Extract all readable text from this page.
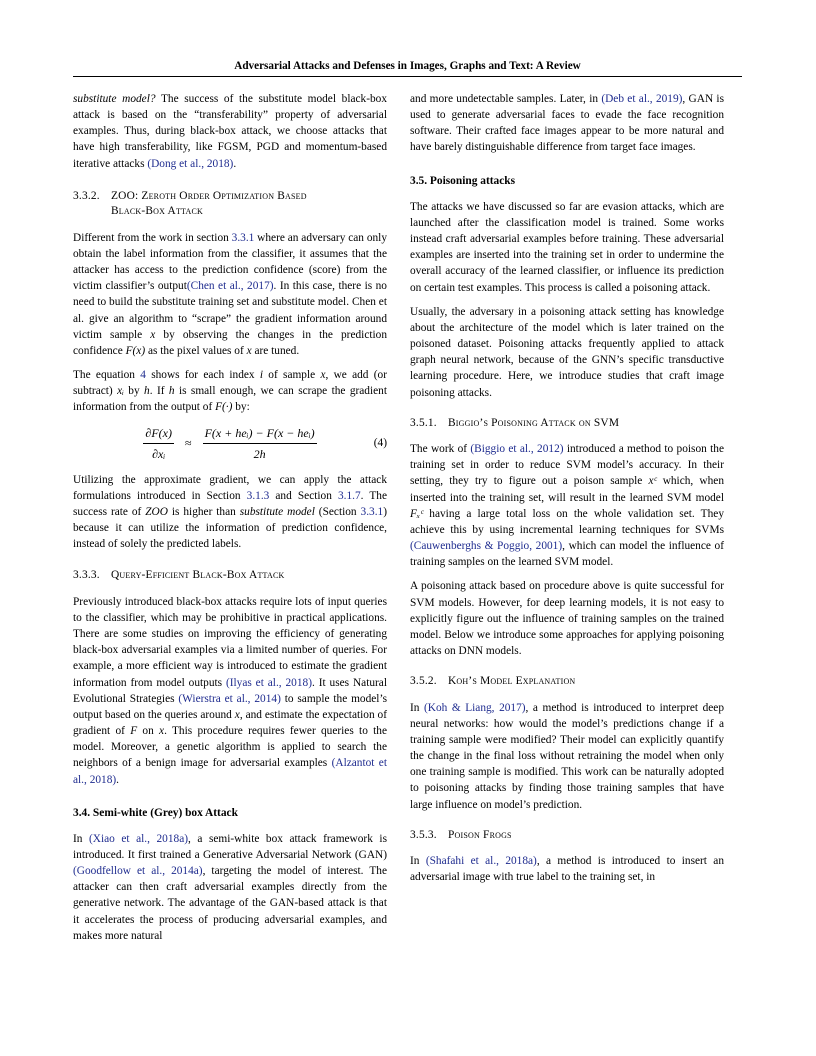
Adversarial Attacks and Defenses in Images, Graphs and Text: A Review

substitute model? The success of the substitute model black-box attack is based on the “transferability” property of adversarial examples. Thus, during black-box attack, we choose attacks that have high transferability, like FGSM, PGD and momentum-based iterative attacks (Dong et al., 2018).

3.3.2. ZOO: Zeroth Order Optimization Based
Black-Box Attack

Different from the work in section 3.3.1 where an adversary can only obtain the label information from the classifier, it assumes that the attacker has access to the prediction confidence (score) from the victim classifier’s output(Chen et al., 2017). In this case, there is no need to build the substitute training set and substitute model. Chen et al. give an algorithm to “scrape” the gradient information around victim sample x by observing the changes in the prediction confidence F(x) as the pixel values of x are tuned.

The equation 4 shows for each index i of sample x, we add (or subtract) xᵢ by h. If h is small enough, we can scrape the gradient information from the output of F(·) by:

$\frac{\partial F(x)}{\text{∂xᵢ}} \approx \frac{\text{F(x + heᵢ) − F(x − heᵢ)}}{2h}$	(4)

Utilizing the approximate gradient, we can apply the attack formulations introduced in Section 3.1.3 and Section 3.1.7. The success rate of ZOO is higher than substitute model (Section 3.3.1) because it can utilize the information of prediction confidence, instead of solely the predicted labels.

3.3.3. Query-Efficient Black-Box Attack

Previously introduced black-box attacks require lots of input queries to the classifier, which may be prohibitive in practical applications. There are some studies on improving the efficiency of generating black-box adversarial examples via a limited number of queries. For example, a more efficient way is introduced to estimate the gradient information from model outputs (Ilyas et al., 2018). It uses Natural Evolutional Strategies (Wierstra et al., 2014) to sample the model’s output based on the queries around x, and estimate the expectation of gradient of F on x. This procedure requires fewer queries to the model. Moreover, a genetic algorithm is applied to search the neighbors of a benign image for adversarial examples (Alzantot et al., 2018).

3.4. Semi-white (Grey) box Attack

In (Xiao et al., 2018a), a semi-white box attack framework is introduced. It first trained a Generative Adversarial Network (GAN) (Goodfellow et al., 2014a), targeting the model of interest. The attacker can then craft adversarial examples directly from the generative network. The advantage of the GAN-based attack is that it accelerates the process of producing adversarial examples, and makes more natural

and more undetectable samples. Later, in (Deb et al., 2019), GAN is used to generate adversarial faces to evade the face recognition software. Their crafted face images appear to be more natural and have barely distinguishable difference from target face images.

3.5. Poisoning attacks

The attacks we have discussed so far are evasion attacks, which are launched after the classification model is trained. Some works instead craft adversarial examples before training. These adversarial examples are inserted into the training set in order to undermine the overall accuracy of the learned classifier, or influence its prediction on certain test examples. This process is called a poisoning attack.

Usually, the adversary in a poisoning attack setting has knowledge about the architecture of the model which is later trained on the poisoned dataset. Poisoning attacks frequently applied to attack graph neural network, because of the GNN’s specific transductive learning procedure. Here, we introduce studies that craft image poisoning attacks.

3.5.1. Biggio’s Poisoning Attack on SVM

The work of (Biggio et al., 2012) introduced a method to poison the training set in order to reduce SVM model’s accuracy. In their setting, they try to figure out a poison sample xᶜ which, when inserted into the training set, will result in the learned SVM model Fₓᶜ having a large total loss on the whole validation set. They achieve this by using incremental learning techniques for SVMs (Cauwenberghs & Poggio, 2001), which can model the influence of training samples on the learned SVM model.

A poisoning attack based on procedure above is quite successful for SVM models. However, for deep learning models, it is not easy to explicitly figure out the influence of training samples on the trained model. Below we introduce some approaches for applying poisoning attacks on DNN models.

3.5.2. Koh’s Model Explanation

In (Koh & Liang, 2017), a method is introduced to interpret deep neural networks: how would the model’s predictions change if a training sample were modified? Their model can explicitly quantify the change in the final loss without retraining the model when only one training sample is modified. This work can be naturally adopted to poisoning attacks by finding those training samples that have large influence on model’s prediction.

3.5.3. Poison Frogs

In (Shafahi et al., 2018a), a method is introduced to insert an adversarial image with true label to the training set, in
